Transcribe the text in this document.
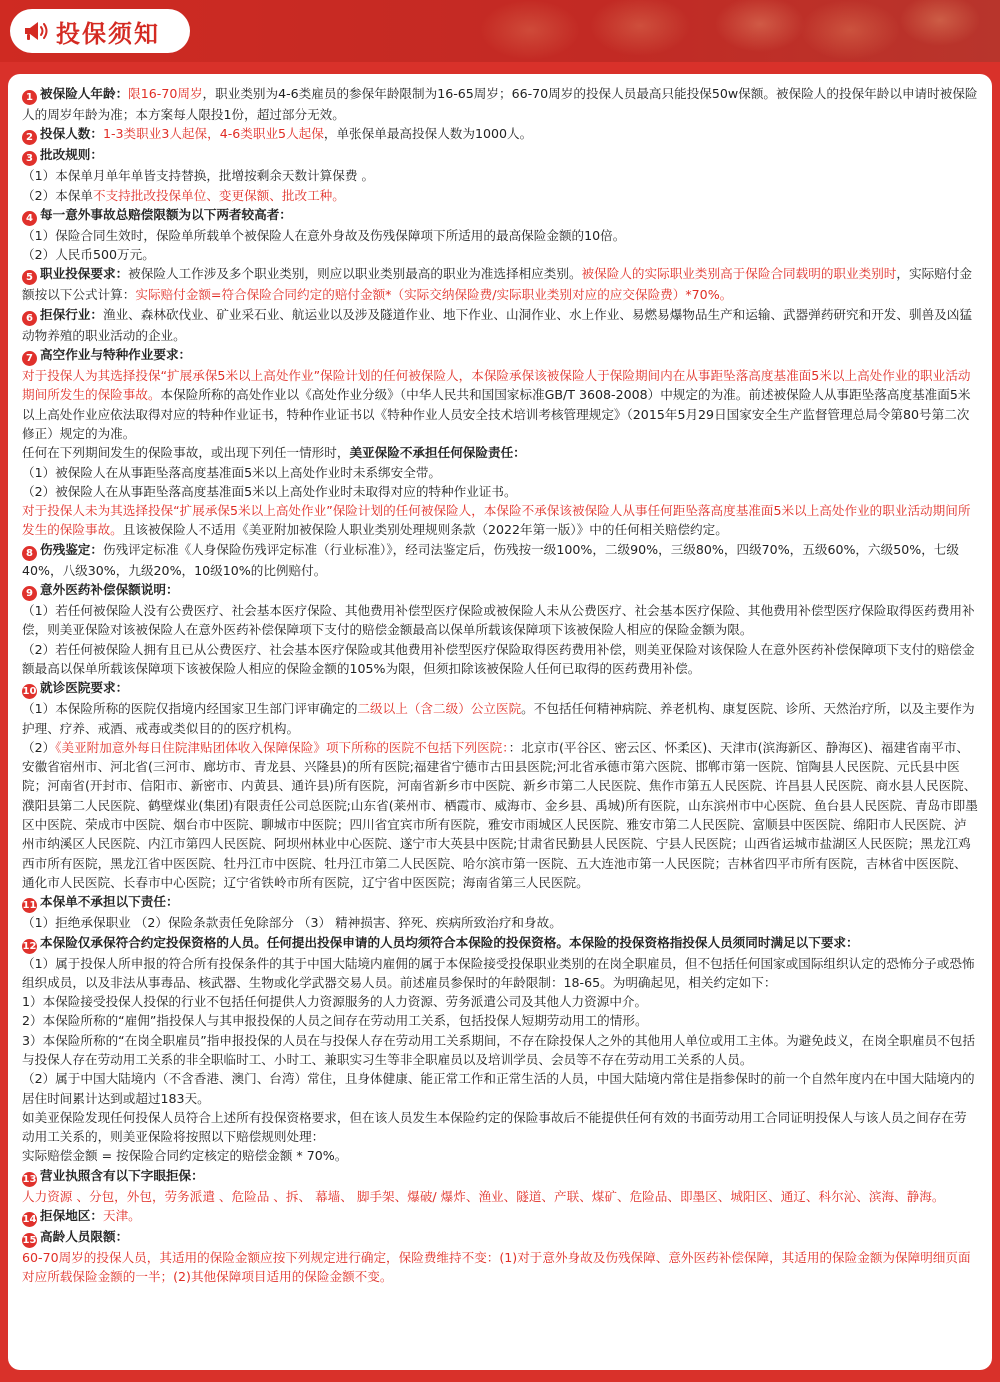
投保须知

1 被保险人年龄：限16-70周岁，职业类别为4-6类雇员的参保年龄限制为16-65周岁；66-70周岁的投保人员最高只能投保50w保额。被保险人的投保年龄以申请时被保险人的周岁年龄为准；本方案每人限投1份，超过部分无效。

2 投保人数：1-3类职业3人起保，4-6类职业5人起保，单张保单最高投保人数为1000人。

3 批改规则：

（1）本保单月单年单皆支持替换，批增按剩余天数计算保费 。

（2）本保单不支持批改投保单位、变更保额、批改工种。

4 每一意外事故总赔偿限额为以下两者较高者：

（1）保险合同生效时，保险单所载单个被保险人在意外身故及伤残保障项下所适用的最高保险金额的10倍。

（2）人民币500万元。

5 职业投保要求：被保险人工作涉及多个职业类别，则应以职业类别最高的职业为准选择相应类别。被保险人的实际职业类别高于保险合同载明的职业类别时，实际赔付金额按以下公式计算：实际赔付金额=符合保险合同约定的赔付金额*（实际交纳保险费/实际职业类别对应的应交保险费）*70%。

6 拒保行业：渔业、森林砍伐业、矿业采石业、航运业以及涉及隧道作业、地下作业、山洞作业、水上作业、易燃易爆物品生产和运输、武器弹药研究和开发、驯兽及凶猛动物养殖的职业活动的企业。

7 高空作业与特种作业要求：

对于投保人为其选择投保“扩展承保5米以上高处作业”保险计划的任何被保险人，本保险承保该被保险人于保险期间内在从事距坠落高度基准面5米以上高处作业的职业活动期间所发生的保险事故。本保险所称的高处作业以《高处作业分级》（中华人民共和国国家标准GB/T 3608-2008）中规定的为准。前述被保险人从事距坠落高度基准面5米以上高处作业应依法取得对应的特种作业证书，特种作业证书以《特种作业人员安全技术培训考核管理规定》（2015年5月29日国家安全生产监督管理总局令第80号第二次修正）规定的为准。

任何在下列期间发生的保险事故，或出现下列任一情形时，美亚保险不承担任何保险责任：

（1）被保险人在从事距坠落高度基准面5米以上高处作业时未系绑安全带。

（2）被保险人在从事距坠落高度基准面5米以上高处作业时未取得对应的特种作业证书。

对于投保人未为其选择投保“扩展承保5米以上高处作业”保险计划的任何被保险人，本保险不承保该被保险人从事任何距坠落高度基准面5米以上高处作业的职业活动期间所发生的保险事故。且该被保险人不适用《美亚附加被保险人职业类别处理规则条款（2022年第一版）》中的任何相关赔偿约定。

8 伤残鉴定：伤残评定标准《人身保险伤残评定标准（行业标准）》，经司法鉴定后，伤残按一级100%，二级90%，三级80%，四级70%，五级60%，六级50%，七级40%，八级30%，九级20%，10级10%的比例赔付。

9 意外医药补偿保额说明：

（1）若任何被保险人没有公费医疗、社会基本医疗保险、其他费用补偿型医疗保险或被保险人未从公费医疗、社会基本医疗保险、其他费用补偿型医疗保险取得医药费用补偿，则美亚保险对该被保险人在意外医药补偿保障项下支付的赔偿金额最高以保单所载该保障项下该被保险人相应的保险金额为限。

（2）若任何被保险人拥有且已从公费医疗、社会基本医疗保险或其他费用补偿型医疗保险取得医药费用补偿，则美亚保险对该保险人在意外医药补偿保障项下支付的赔偿金额最高以保单所载该保障项下该被保险人相应的保险金额的105%为限，但须扣除该被保险人任何已取得的医药费用补偿。

10 就诊医院要求：

（1）本保险所称的医院仅指境内经国家卫生部门评审确定的二级以上（含二级）公立医院。不包括任何精神病院、养老机构、康复医院、诊所、天然治疗所，以及主要作为护理、疗养、戒酒、戒毒或类似目的的医疗机构。

（2）《美亚附加意外每日住院津贴团体收入保障保险》项下所称的医院不包括下列医院：：北京市(平谷区、密云区、怀柔区)、天津市(滨海新区、静海区)、福建省南平市、安徽省宿州市、河北省(三河市、廊坊市、青龙县、兴隆县)的所有医院;福建省宁德市古田县医院;河北省承德市第六医院、邯郸市第一医院、馆陶县人民医院、元氏县中医院；河南省(开封市、信阳市、新密市、内黄县、通许县)所有医院，河南省新乡市中医院、新乡市第二人民医院、焦作市第五人民医院、许昌县人民医院、商水县人民医院、濮阳县第二人民医院、鹤壁煤业(集团)有限责任公司总医院;山东省(莱州市、栖霞市、威海市、金乡县、禹城)所有医院，山东滨州市中心医院、鱼台县人民医院、青岛市即墨区中医院、荣成市中医院、烟台市中医院、聊城市中医院；四川省宜宾市所有医院，雅安市雨城区人民医院、雅安市第二人民医院、富顺县中医医院、绵阳市人民医院、泸州市纳溪区人民医院、内江市第四人民医院、阿坝州林业中心医院、遂宁市大英县中医院;甘肃省民勤县人民医院、宁县人民医院；山西省运城市盐湖区人民医院；黑龙江鸡西市所有医院，黑龙江省中医医院、牡丹江市中医院、牡丹江市第二人民医院、哈尔滨市第一医院、五大连池市第一人民医院；吉林省四平市所有医院，吉林省中医医院、通化市人民医院、长春市中心医院；辽宁省铁岭市所有医院，辽宁省中医医院；海南省第三人民医院。

11 本保单不承担以下责任：

（1）拒绝承保职业 （2）保险条款责任免除部分 （3） 精神损害、猝死、疾病所致治疗和身故。

12 本保险仅承保符合约定投保资格的人员。任何提出投保申请的人员均须符合本保险的投保资格。本保险的投保资格指投保人员须同时满足以下要求：

（1）属于投保人所申报的符合所有投保条件的其于中国大陆境内雇佣的属于本保险接受投保职业类别的在岗全职雇员，但不包括任何国家或国际组织认定的恐怖分子或恐怖组织成员，以及非法从事毒品、核武器、生物或化学武器交易人员。前述雇员参保时的年龄限制：18-65。为明确起见，相关约定如下：

1）本保险接受投保人投保的行业不包括任何提供人力资源服务的人力资源、劳务派遣公司及其他人力资源中介。

2）本保险所称的“雇佣”指投保人与其申报投保的人员之间存在劳动用工关系，包括投保人短期劳动用工的情形。

3）本保险所称的“在岗全职雇员”指申报投保的人员在与投保人存在劳动用工关系期间，不存在除投保人之外的其他用人单位或用工主体。为避免歧义，在岗全职雇员不包括与投保人存在劳动用工关系的非全职临时工、小时工、兼职实习生等非全职雇员以及培训学员、会员等不存在劳动用工关系的人员。

（2）属于中国大陆境内（不含香港、澳门、台湾）常住，且身体健康、能正常工作和正常生活的人员，中国大陆境内常住是指参保时的前一个自然年度内在中国大陆境内的居住时间累计达到或超过183天。

如美亚保险发现任何投保人员符合上述所有投保资格要求，但在该人员发生本保险约定的保险事故后不能提供任何有效的书面劳动用工合同证明投保人与该人员之间存在劳动用工关系的，则美亚保险将按照以下赔偿规则处理：

实际赔偿金额 = 按保险合同约定核定的赔偿金额 * 70%。

13 营业执照含有以下字眼拒保：

人力资源 、分包，外包，劳务派遣 、危险品 、拆、 幕墙、 脚手架、爆破/ 爆炸、渔业、隧道、产联、煤矿、危险品、即墨区、城阳区、通辽、科尔沁、滨海、静海。

14 拒保地区：天津。

15 高龄人员限额：

60-70周岁的投保人员，其适用的保险金额应按下列规定进行确定，保险费维持不变：(1)对于意外身故及伤残保障、意外医药补偿保障，其适用的保险金额为保障明细页面对应所载保险金额的一半；(2)其他保障项目适用的保险金额不变。
